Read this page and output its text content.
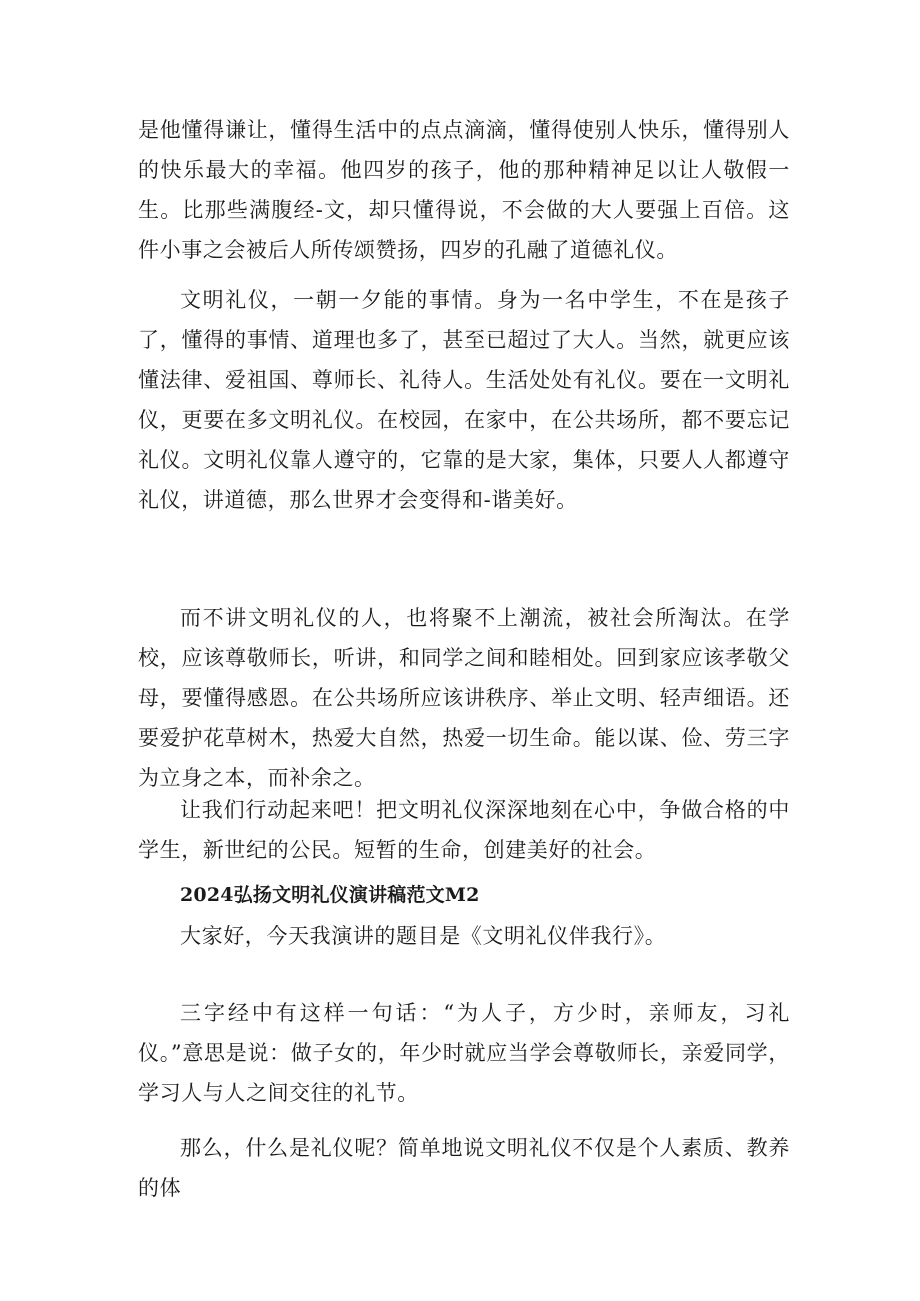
是他懂得谦让，懂得生活中的点点滴滴，懂得使别人快乐，懂得别人的快乐最大的幸福。他四岁的孩子，他的那种精神足以让人敬假一生。比那些满腹经-文，却只懂得说，不会做的大人要强上百倍。这件小事之会被后人所传颂赞扬，四岁的孔融了道德礼仪。

文明礼仪，一朝一夕能的事情。身为一名中学生，不在是孩子了，懂得的事情、道理也多了，甚至已超过了大人。当然，就更应该懂法律、爱祖国、尊师长、礼待人。生活处处有礼仪。要在一文明礼仪，更要在多文明礼仪。在校园，在家中，在公共场所，都不要忘记礼仪。文明礼仪靠人遵守的，它靠的是大家，集体，只要人人都遵守礼仪，讲道德，那么世界才会变得和-谐美好。

而不讲文明礼仪的人，也将聚不上潮流，被社会所淘汰。在学校，应该尊敬师长，听讲，和同学之间和睦相处。回到家应该孝敬父母，要懂得感恩。在公共场所应该讲秩序、举止文明、轻声细语。还要爱护花草树木，热爱大自然，热爱一切生命。能以谋、俭、劳三字为立身之本，而补余之。

让我们行动起来吧！把文明礼仪深深地刻在心中，争做合格的中学生，新世纪的公民。短暂的生命，创建美好的社会。

2024弘扬文明礼仪演讲稿范文M2

大家好，今天我演讲的题目是《文明礼仪伴我行》。

三字经中有这样一句话：“为人子，方少时，亲师友，习礼仪。”意思是说：做子女的，年少时就应当学会尊敬师长，亲爱同学，学习人与人之间交往的礼节。

那么，什么是礼仪呢？简单地说文明礼仪不仅是个人素质、教养的体
